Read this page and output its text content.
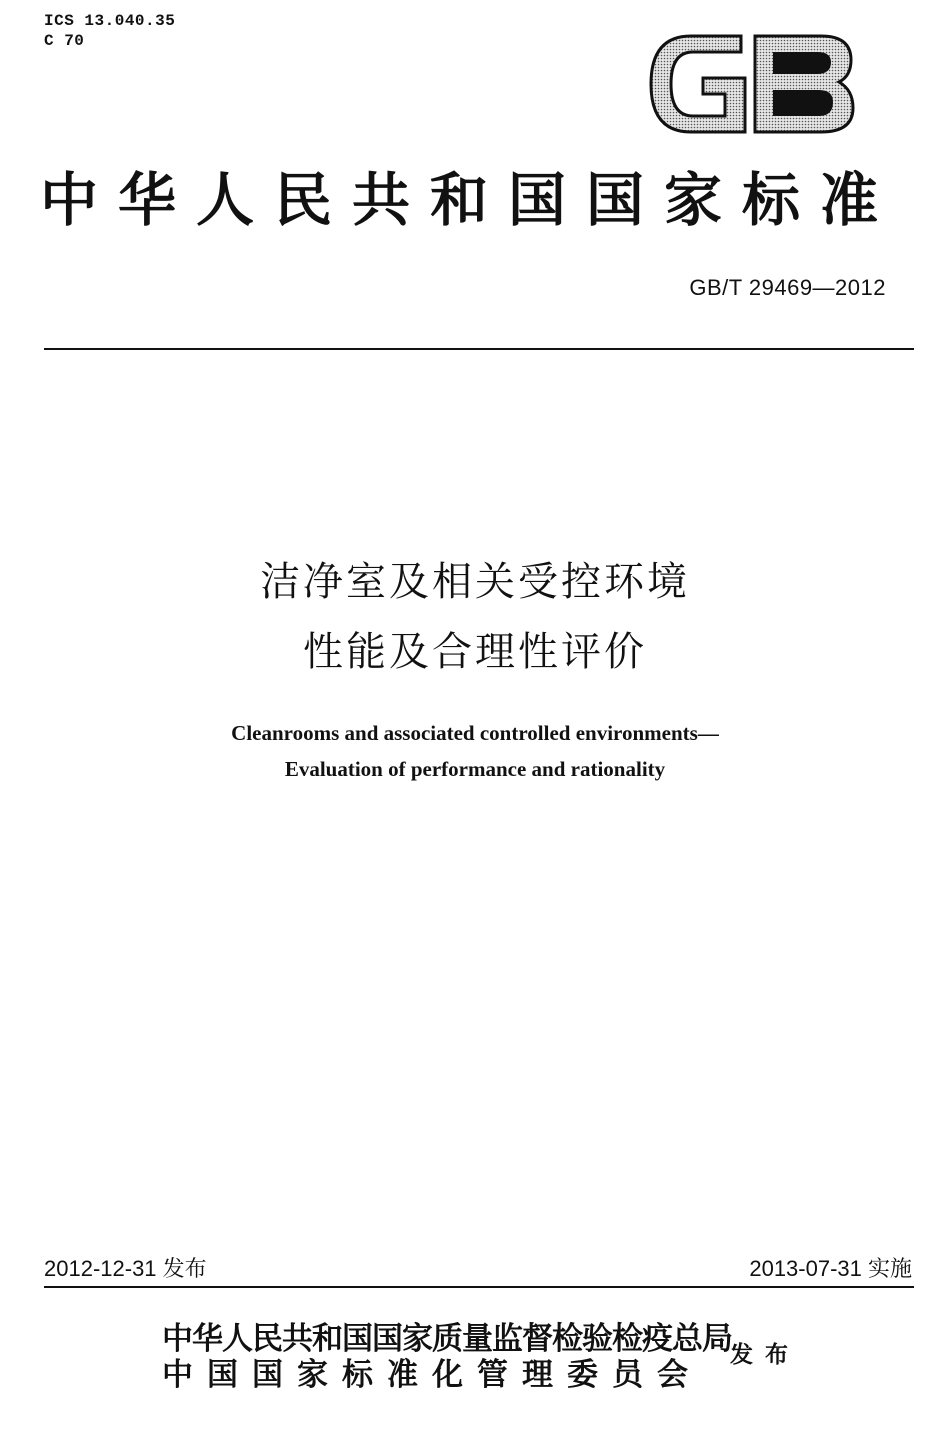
ICS 13.040.35
C 70
GB
中华人民共和国国家标准
GB/T 29469—2012
洁净室及相关受控环境
性能及合理性评价
Cleanrooms and associated controlled environments—
Evaluation of performance and rationality
2012-12-31 发布	2013-07-31 实施
中华人民共和国国家质量监督检验检疫总局
中国国家标准化管理委员会
发布
